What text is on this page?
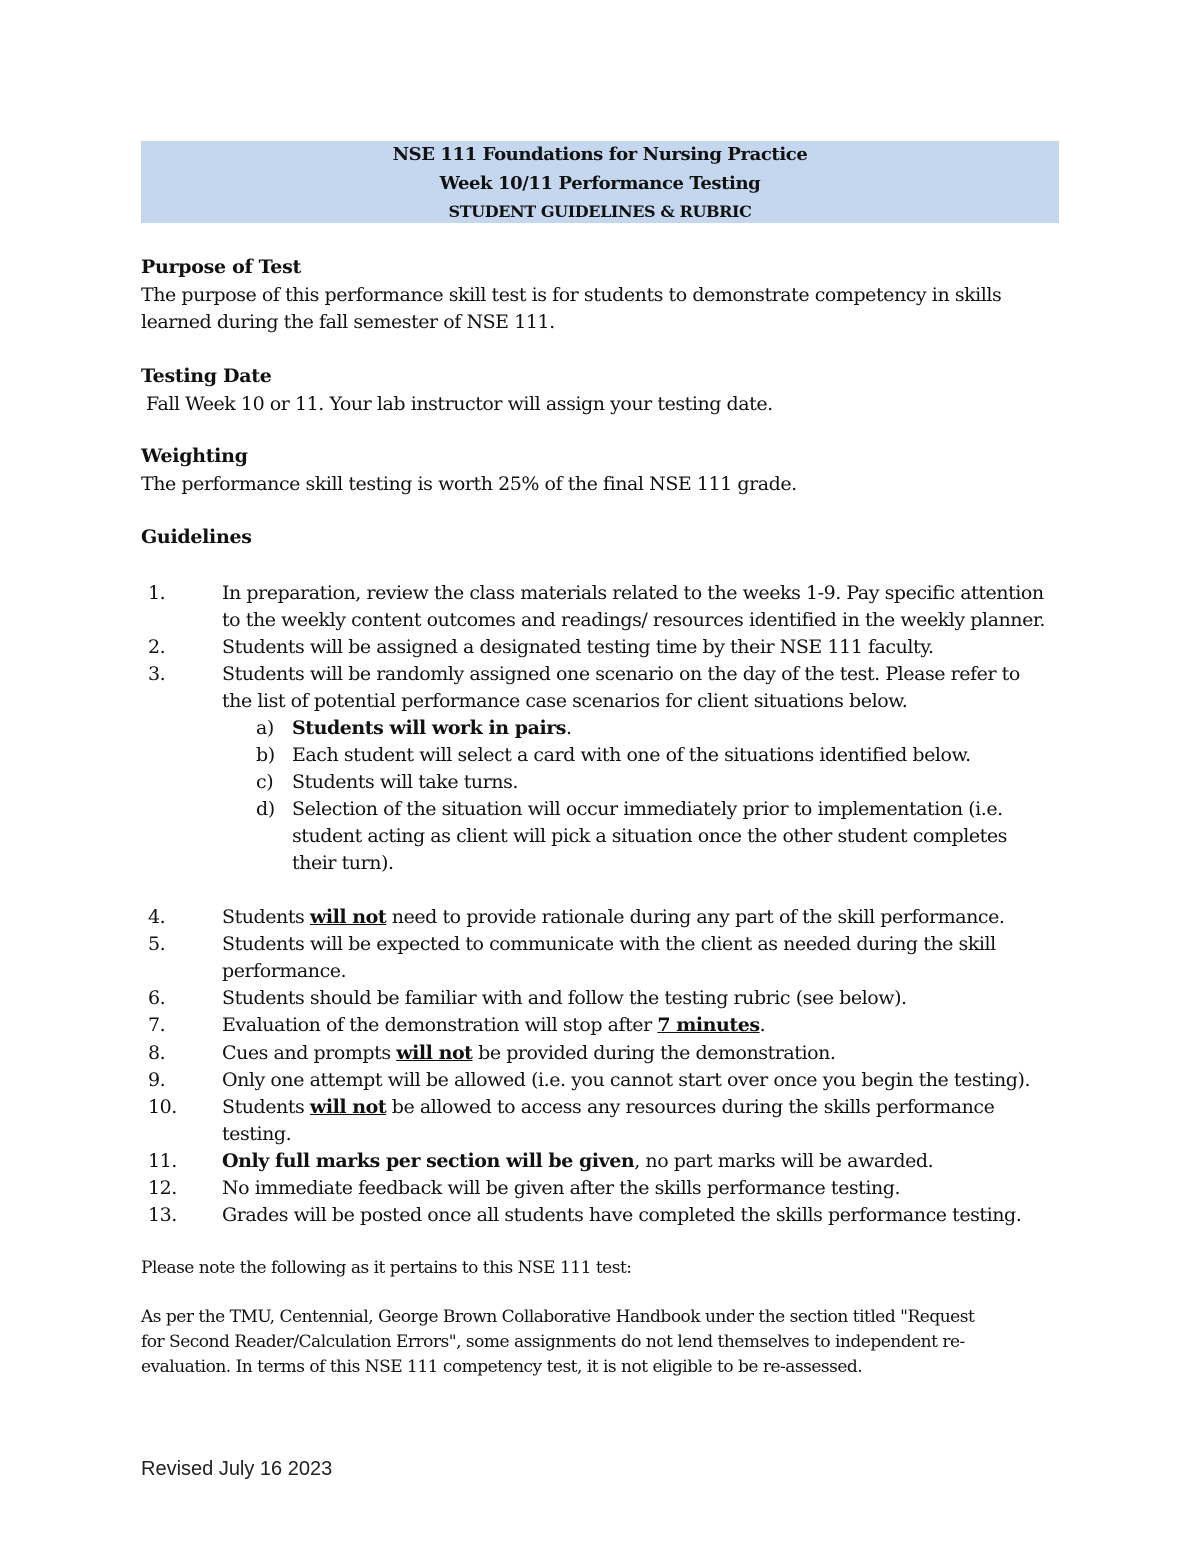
NSE 111 Foundations for Nursing Practice
Week 10/11 Performance Testing
STUDENT GUIDELINES & RUBRIC
Purpose of Test
The purpose of this performance skill test is for students to demonstrate competency in skills
learned during the fall semester of NSE 111.
Testing Date
Fall Week 10 or 11. Your lab instructor will assign your testing date.
Weighting
The performance skill testing is worth 25% of the final NSE 111 grade.
Guidelines
1.	In preparation, review the class materials related to the weeks 1-9. Pay specific attention
to the weekly content outcomes and readings/ resources identified in the weekly planner.
2.	Students will be assigned a designated testing time by their NSE 111 faculty.
3.	Students will be randomly assigned one scenario on the day of the test. Please refer to
the list of potential performance case scenarios for client situations below.
a) Students will work in pairs.
b) Each student will select a card with one of the situations identified below.
c) Students will take turns.
d) Selection of the situation will occur immediately prior to implementation (i.e.
student acting as client will pick a situation once the other student completes
their turn).
4.	Students will not need to provide rationale during any part of the skill performance.
5.	Students will be expected to communicate with the client as needed during the skill
performance.
6.	Students should be familiar with and follow the testing rubric (see below).
7.	Evaluation of the demonstration will stop after 7 minutes.
8.	Cues and prompts will not be provided during the demonstration.
9.	Only one attempt will be allowed (i.e. you cannot start over once you begin the testing).
10.	Students will not be allowed to access any resources during the skills performance
testing.
11.	Only full marks per section will be given, no part marks will be awarded.
12.	No immediate feedback will be given after the skills performance testing.
13.	Grades will be posted once all students have completed the skills performance testing.
Please note the following as it pertains to this NSE 111 test:
As per the TMU, Centennial, George Brown Collaborative Handbook under the section titled "Request
for Second Reader/Calculation Errors", some assignments do not lend themselves to independent re-
evaluation. In terms of this NSE 111 competency test, it is not eligible to be re-assessed.
Revised July 16 2023
